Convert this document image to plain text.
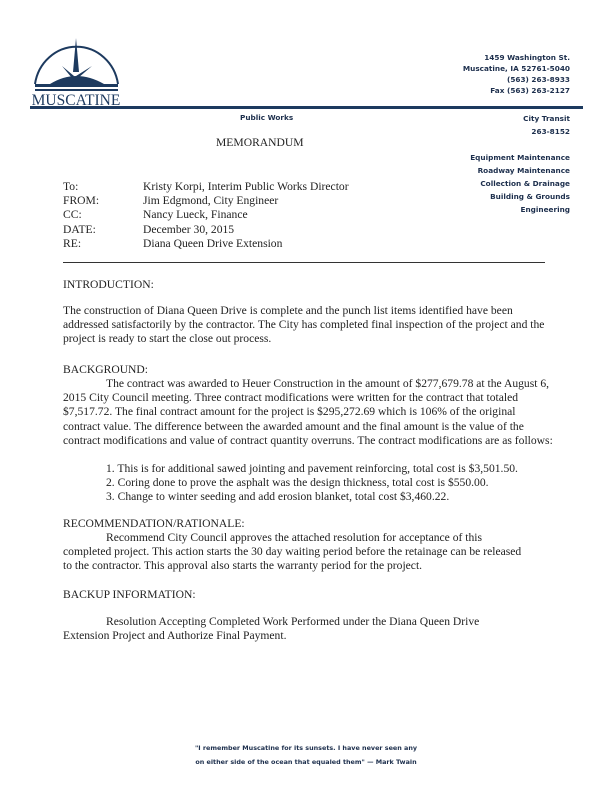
MUSCATINE
1459 Washington St.
Muscatine, IA 52761-5040
(563) 263-8933
Fax (563) 263-2127
Public Works	City Transit
263-8152
Equipment Maintenance
Roadway Maintenance
Collection & Drainage
Building & Grounds
Engineering
MEMORANDUM
To:	Kristy Korpi, Interim Public Works Director
FROM:	Jim Edgmond, City Engineer
CC:	Nancy Lueck, Finance
DATE:	December 30, 2015
RE:	Diana Queen Drive Extension
INTRODUCTION:
The construction of Diana Queen Drive is complete and the punch list items identified have been addressed satisfactorily by the contractor. The City has completed final inspection of the project and the project is ready to start the close out process.
BACKGROUND:
The contract was awarded to Heuer Construction in the amount of $277,679.78 at the August 6, 2015 City Council meeting. Three contract modifications were written for the contract that totaled $7,517.72. The final contract amount for the project is $295,272.69 which is 106% of the original contract value. The difference between the awarded amount and the final amount is the value of the contract modifications and value of contract quantity overruns. The contract modifications are as follows:
1. This is for additional sawed jointing and pavement reinforcing, total cost is $3,501.50.
2. Coring done to prove the asphalt was the design thickness, total cost is $550.00.
3. Change to winter seeding and add erosion blanket, total cost $3,460.22.
RECOMMENDATION/RATIONALE:
Recommend City Council approves the attached resolution for acceptance of this completed project. This action starts the 30 day waiting period before the retainage can be released to the contractor. This approval also starts the warranty period for the project.
BACKUP INFORMATION:
Resolution Accepting Completed Work Performed under the Diana Queen Drive Extension Project and Authorize Final Payment.
"I remember Muscatine for its sunsets. I have never seen any
on either side of the ocean that equaled them" — Mark Twain
